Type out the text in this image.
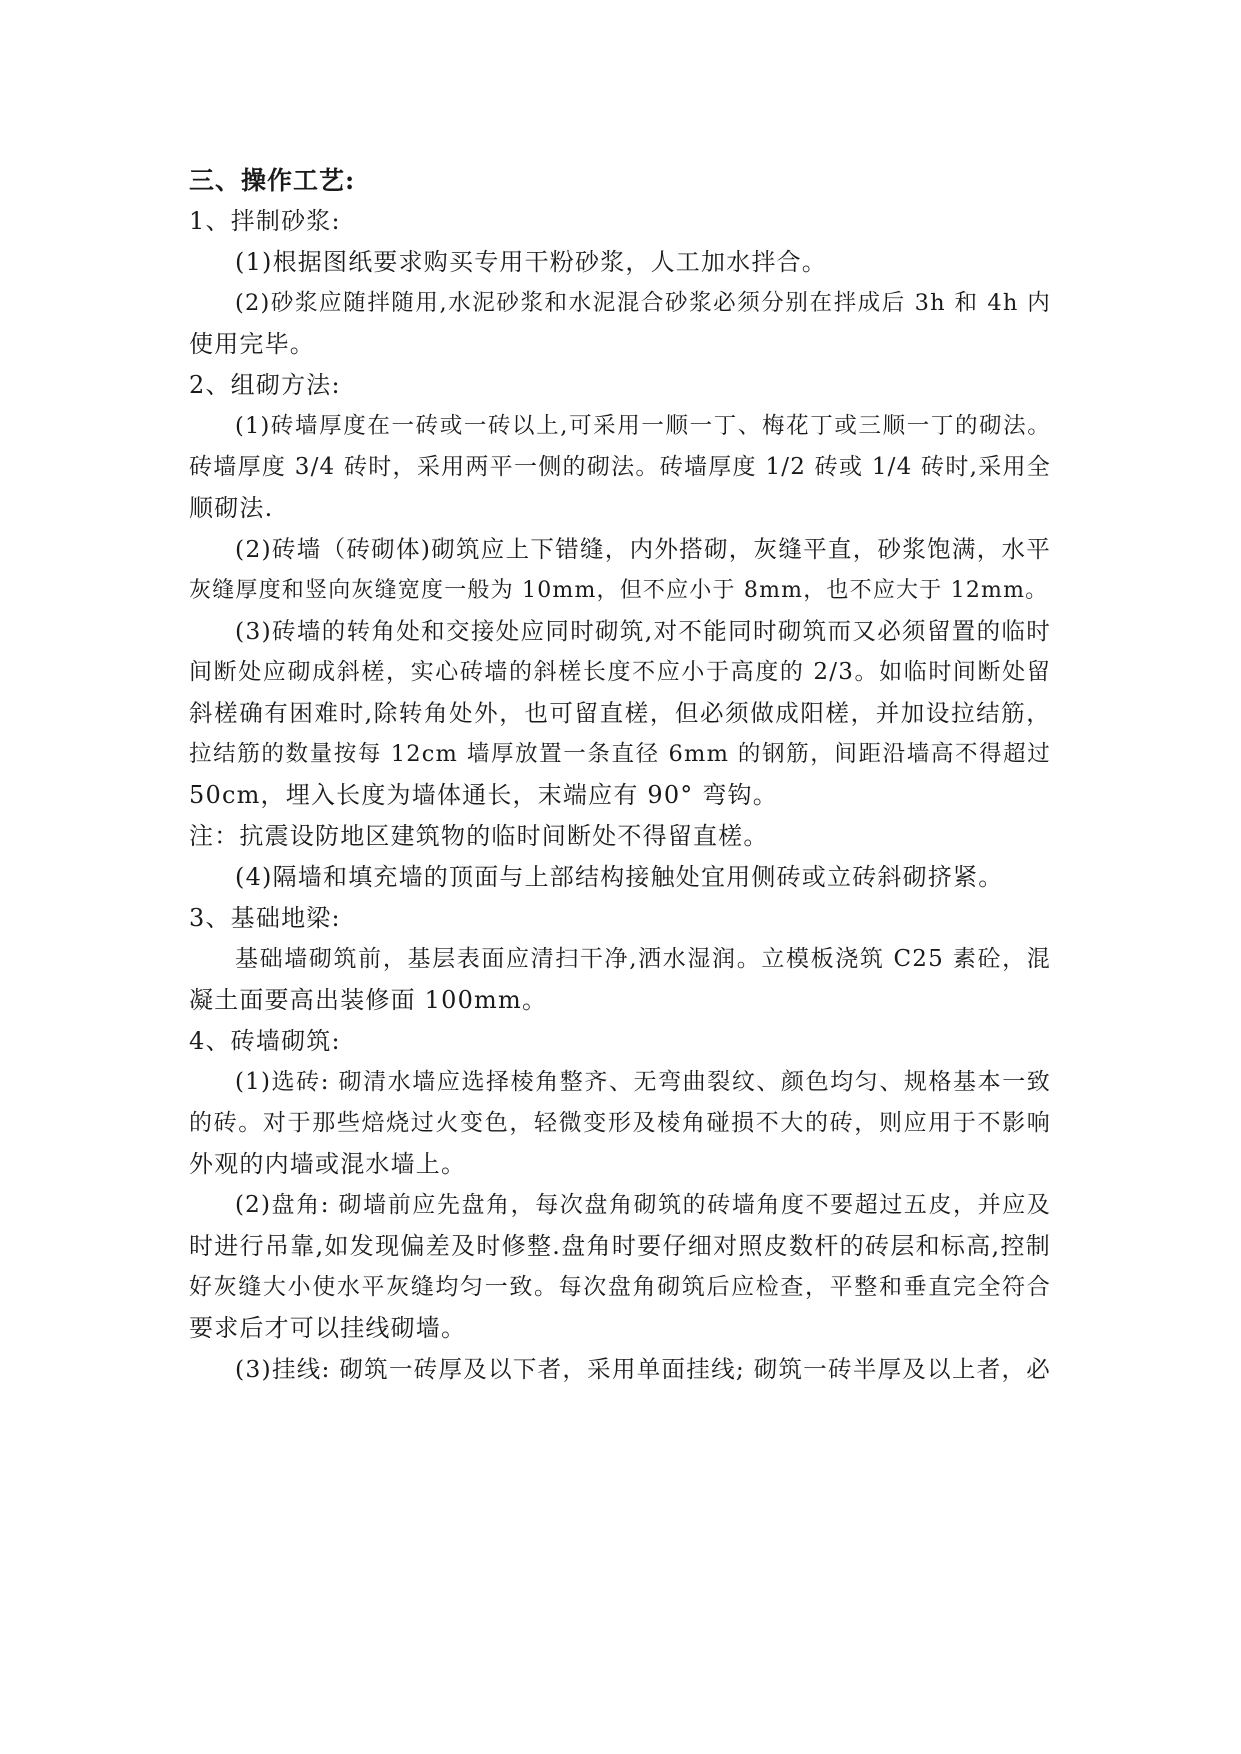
三、操作工艺:
1、拌制砂浆:
(1)根据图纸要求购买专用干粉砂浆，人工加水拌合。
(2)砂浆应随拌随用,水泥砂浆和水泥混合砂浆必须分别在拌成后 3h 和 4h 内
使用完毕。
2、组砌方法:
(1)砖墙厚度在一砖或一砖以上,可采用一顺一丁、梅花丁或三顺一丁的砌法。
砖墙厚度 3/4 砖时，采用两平一侧的砌法。砖墙厚度 1/2 砖或 1/4 砖时,采用全
顺砌法.
(2)砖墙（砖砌体)砌筑应上下错缝，内外搭砌，灰缝平直，砂浆饱满，水平
灰缝厚度和竖向灰缝宽度一般为 10mm，但不应小于 8mm，也不应大于 12mm。
(3)砖墙的转角处和交接处应同时砌筑,对不能同时砌筑而又必须留置的临时
间断处应砌成斜槎，实心砖墙的斜槎长度不应小于高度的 2/3。如临时间断处留
斜槎确有困难时,除转角处外，也可留直槎，但必须做成阳槎，并加设拉结筋，
拉结筋的数量按每 12cm 墙厚放置一条直径 6mm 的钢筋，间距沿墙高不得超过
50cm，埋入长度为墙体通长，末端应有 90° 弯钩。
注：抗震设防地区建筑物的临时间断处不得留直槎。
(4)隔墙和填充墙的顶面与上部结构接触处宜用侧砖或立砖斜砌挤紧。
3、基础地梁:
基础墙砌筑前，基层表面应清扫干净,洒水湿润。立模板浇筑 C25 素砼，混
凝土面要高出装修面 100mm。
4、砖墙砌筑:
(1)选砖: 砌清水墙应选择棱角整齐、无弯曲裂纹、颜色均匀、规格基本一致
的砖。对于那些焙烧过火变色，轻微变形及棱角碰损不大的砖，则应用于不影响
外观的内墙或混水墙上。
(2)盘角: 砌墙前应先盘角，每次盘角砌筑的砖墙角度不要超过五皮，并应及
时进行吊靠,如发现偏差及时修整.盘角时要仔细对照皮数杆的砖层和标高,控制
好灰缝大小使水平灰缝均匀一致。每次盘角砌筑后应检查，平整和垂直完全符合
要求后才可以挂线砌墙。
(3)挂线: 砌筑一砖厚及以下者，采用单面挂线; 砌筑一砖半厚及以上者，必
